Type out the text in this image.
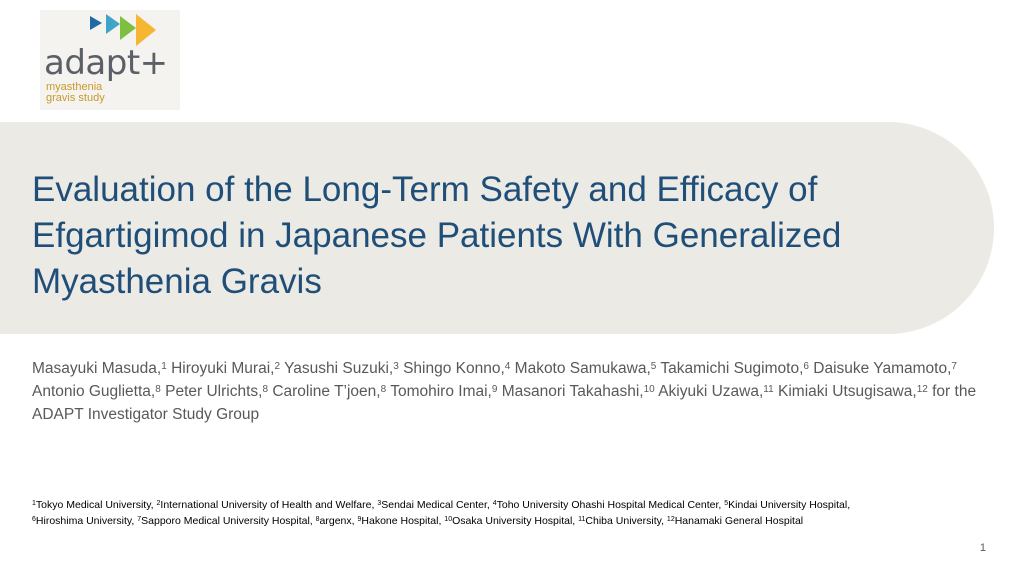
adapt+
myasthenia
gravis study
Evaluation of the Long-Term Safety and Efficacy of Efgartigimod in Japanese Patients With Generalized Myasthenia Gravis
Masayuki Masuda,$^1$ Hiroyuki Murai,$^2$ Yasushi Suzuki,$^3$ Shingo Konno,$^4$ Makoto Samukawa,$^5$ Takamichi Sugimoto,$^6$ Daisuke Yamamoto,$^7$ Antonio Guglietta,$^8$ Peter Ulrichts,$^8$ Caroline T’joen,$^8$ Tomohiro Imai,$^9$ Masanori Takahashi,$^{10}$ Akiyuki Uzawa,$^{11}$ Kimiaki Utsugisawa,$^{12}$ for the ADAPT Investigator Study Group
$^1$Tokyo Medical University, $^2$International University of Health and Welfare, $^3$Sendai Medical Center, $^4$Toho University Ohashi Hospital Medical Center, $^5$Kindai University Hospital,
$^6$Hiroshima University, $^7$Sapporo Medical University Hospital, $^8$argenx, $^9$Hakone Hospital, $^{10}$Osaka University Hospital, $^{11}$Chiba University, $^{12}$Hanamaki General Hospital
1
